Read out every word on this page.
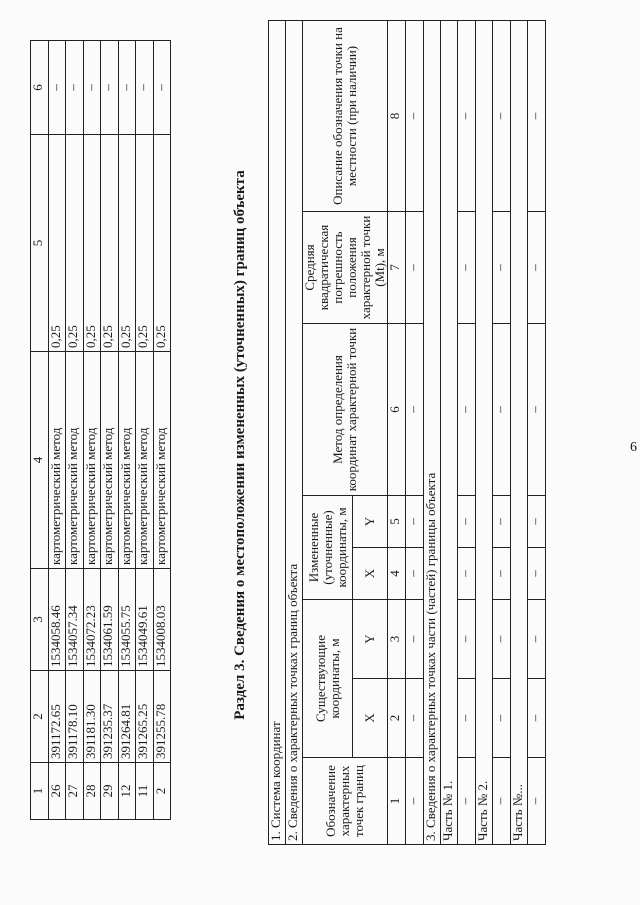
6
1	2	3	4	5	6
26	391172.65	1534058.46	картометрический метод	0,25	–
27	391178.10	1534057.34	картометрический метод	0,25	–
28	391181.30	1534072.23	картометрический метод	0,25	–
29	391235.37	1534061.59	картометрический метод	0,25	–
12	391264.81	1534055.75	картометрический метод	0,25	–
11	391265.25	1534049.61	картометрический метод	0,25	–
2	391255.78	1534008.03	картометрический метод	0,25	–
Раздел 3. Сведения о местоположении измененных (уточненных) границ объекта
1. Система координат							
2. Сведения о характерных точках границ объекта							
Обозначение характерных точек границ	Существующие координаты, м		Измененные (уточненные) координаты, м		Метод определения координат характерной точки	Средняя квадратическая погрешность положения характерной точки (Mt), м	Описание обозначения точки на местности (при наличии)
	X	Y	X	Y			
1	2	3	4	5	6	7	8
–	–	–	–	–	–	–	–
3. Сведения о характерных точках части (частей) границы объекта							
Часть № 1.							
–	–	–	–	–	–	–	–
Часть № 2.							
–	–	–	–	–	–	–	–
Часть №...							
–	–	–	–	–	–	–	–
